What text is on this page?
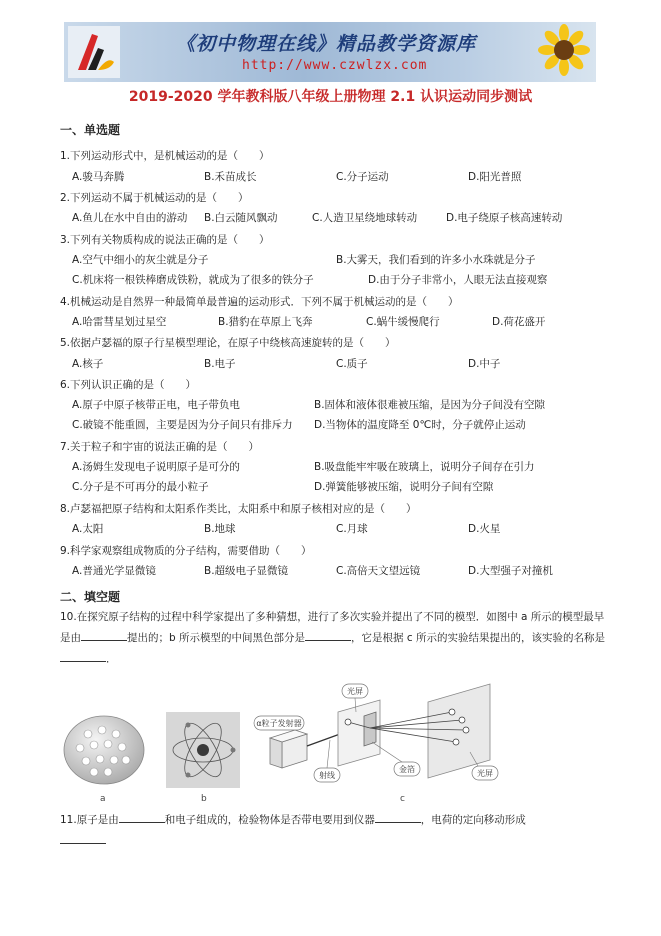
《初中物理在线》精品教学资源库
http://www.czwlzx.com
2019-2020 学年教科版八年级上册物理 2.1 认识运动同步测试
一、单选题
1.下列运动形式中，是机械运动的是（　　）
A.骏马奔腾	B.禾苗成长	C.分子运动	D.阳光普照
2.下列运动不属于机械运动的是（　　）
A.鱼儿在水中自由的游动 B.白云随风飘动	C.人造卫星绕地球转动	D.电子绕原子核高速转动
3.下列有关物质构成的说法正确的是（　　）
A.空气中细小的灰尘就是分子	B.大雾天，我们看到的许多小水珠就是分子
C.机床将一根铁棒磨成铁粉，就成为了很多的铁分子	D.由于分子非常小，人眼无法直接观察
4.机械运动是自然界一种最简单最普遍的运动形式．下列不属于机械运动的是（　　）
A.哈雷彗星划过星空	B.猎豹在草原上飞奔	C.蜗牛缓慢爬行	D.荷花盛开
5.依据卢瑟福的原子行星模型理论，在原子中绕核高速旋转的是（　　）
A.核子	B.电子	C.质子	D.中子
6.下列认识正确的是（　　）
A.原子中原子核带正电，电子带负电	B.固体和液体很难被压缩，是因为分子间没有空隙
C.破镜不能重圆，主要是因为分子间只有排斥力 D.当物体的温度降至 0℃时，分子就停止运动
7.关于粒子和宇宙的说法正确的是（　　）
A.汤姆生发现电子说明原子是可分的	B.吸盘能牢牢吸在玻璃上，说明分子间存在引力
C.分子是不可再分的最小粒子	D.弹簧能够被压缩，说明分子间有空隙
8.卢瑟福把原子结构和太阳系作类比，太阳系中和原子核相对应的是（　　）
A.太阳	B.地球	C.月球	D.火星
9.科学家观察组成物质的分子结构，需要借助（　　）
A.普通光学显微镜	B.超级电子显微镜	C.高倍天文望远镜	D.大型强子对撞机
二、填空题
10.在探究原子结构的过程中科学家提出了多种猜想，进行了多次实验并提出了不同的模型．如图中 a 所示的模型最早是由	提出的；b 所示模型的中间黑色部分是	，它是根据 c 所示的实验结果提出的，该实验的名称是．
a	b
α粒子发射器
光屏
射线
金箔	光屏
c
11.原子是由	和电子组成的，检验物体是否带电要用到仪器	，电荷的定向移动形成
